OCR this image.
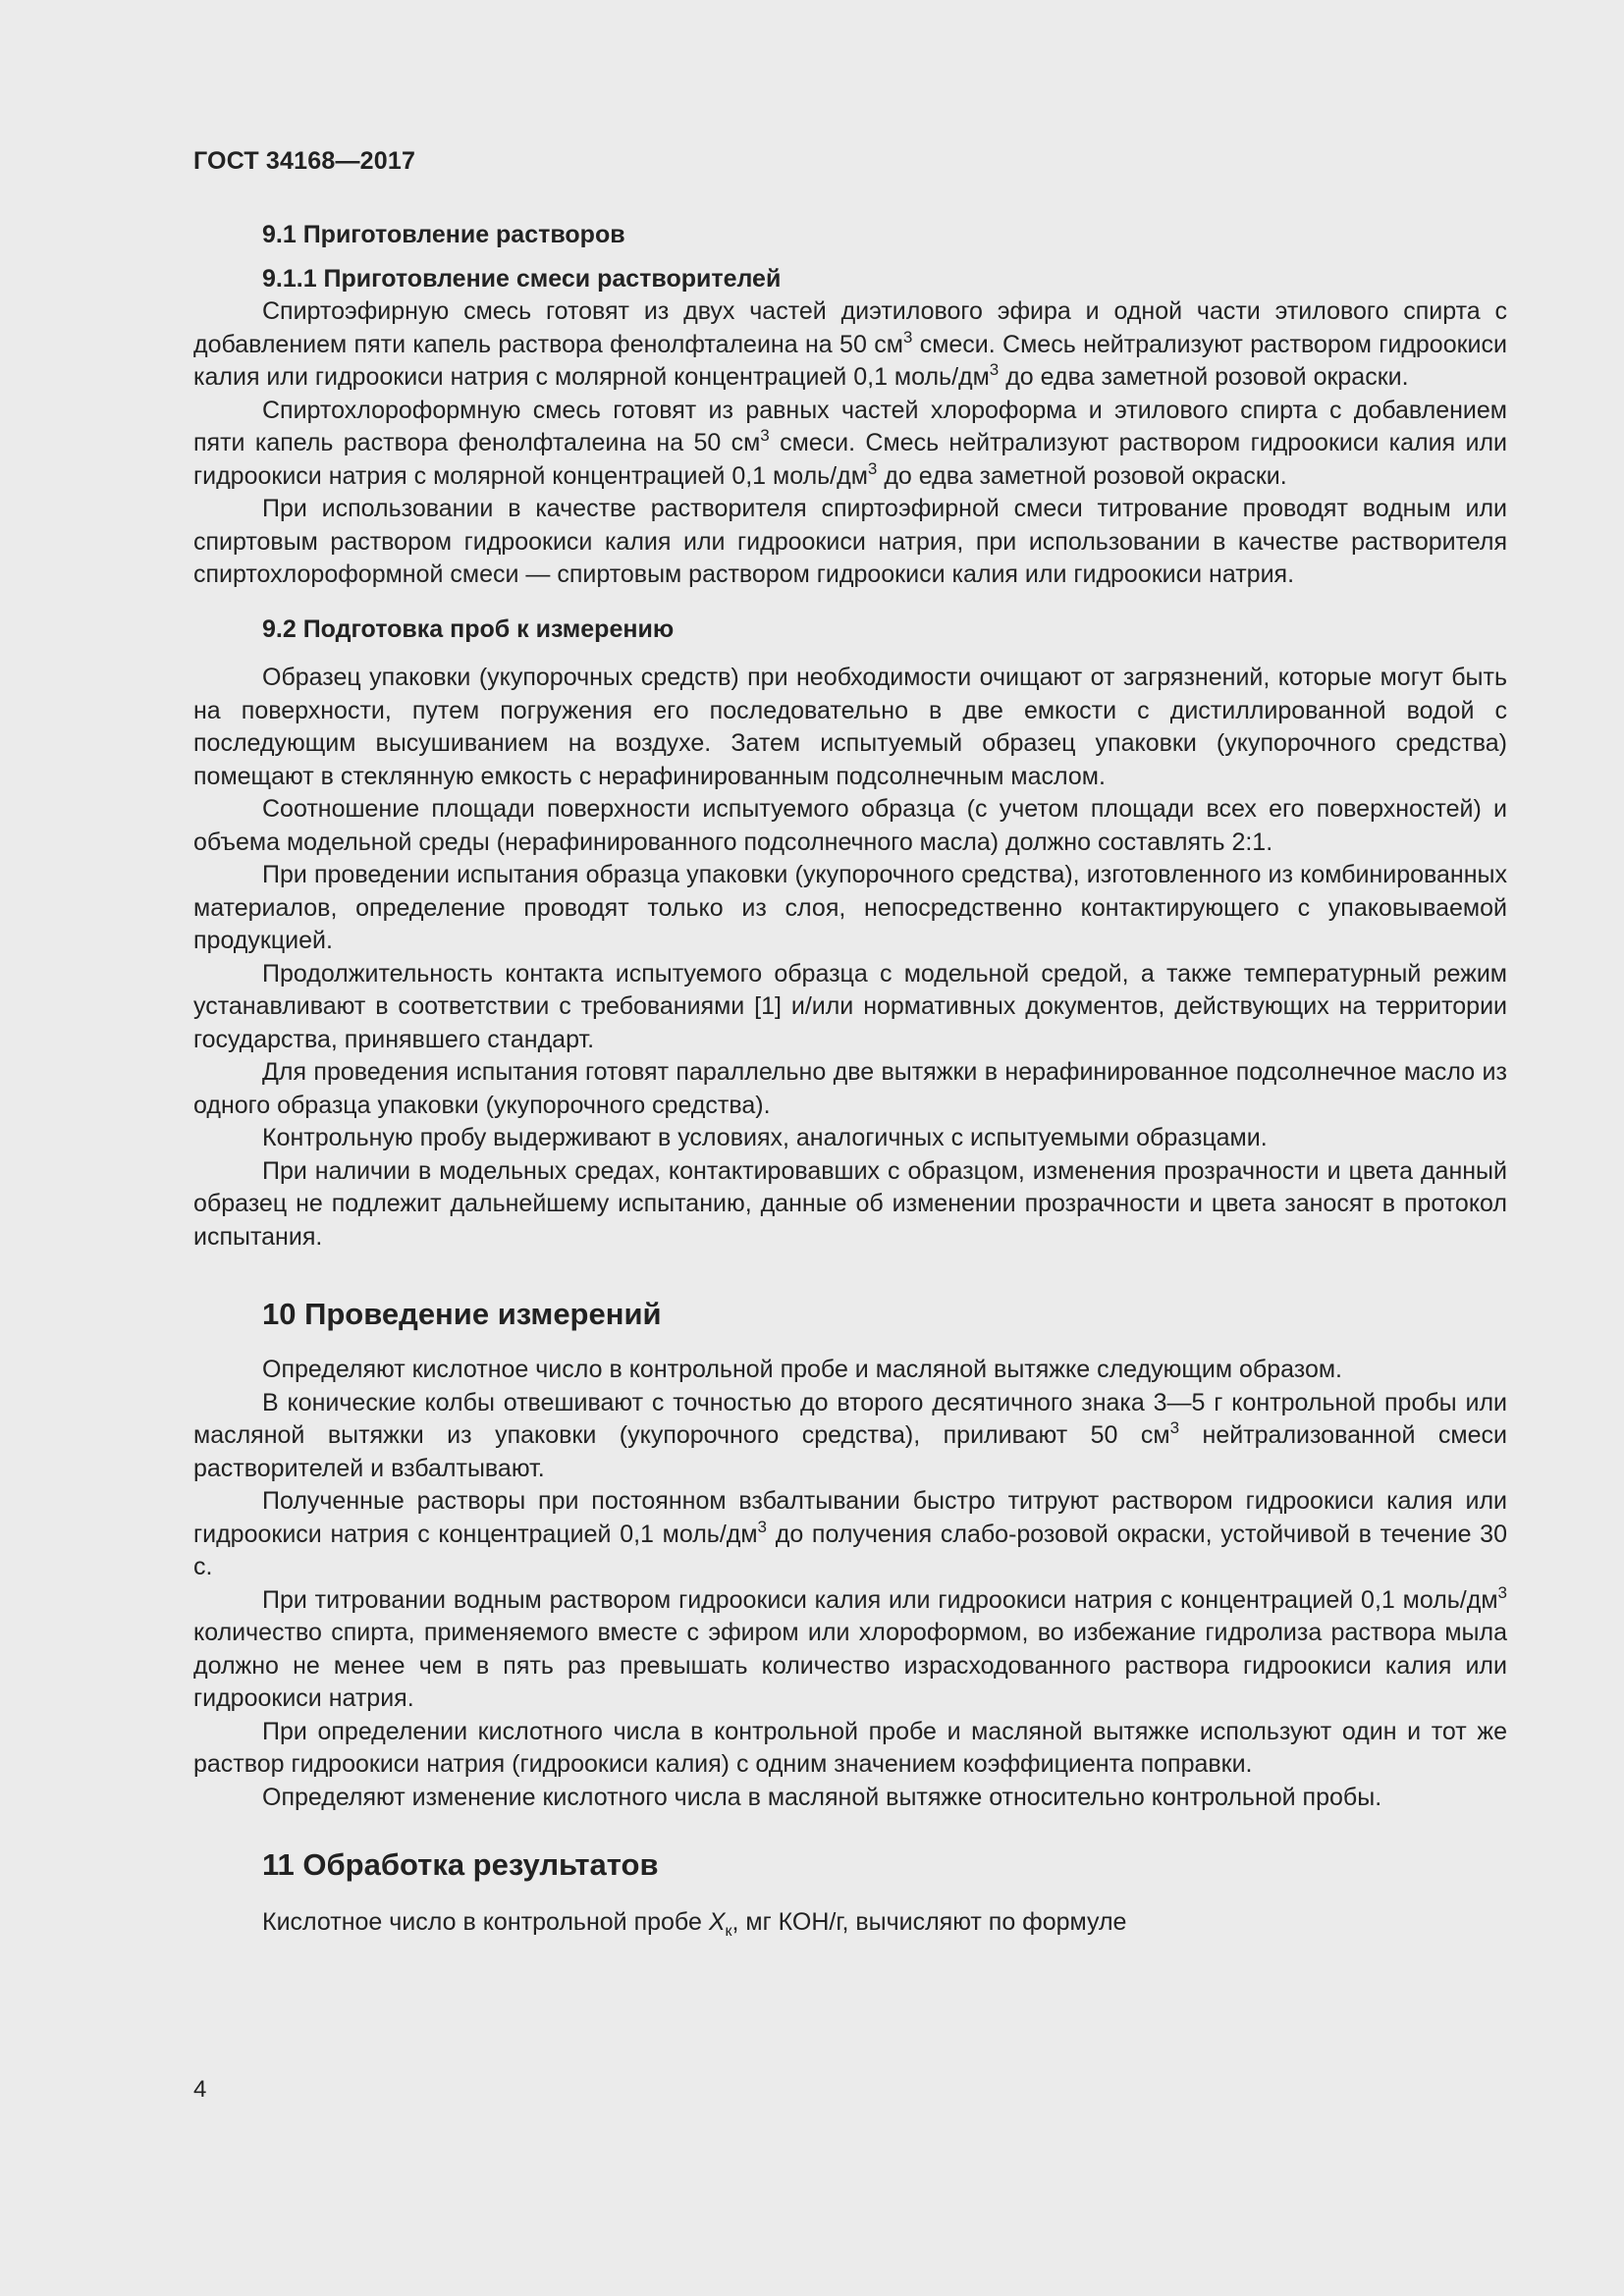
ГОСТ 34168—2017
9.1 Приготовление растворов
9.1.1 Приготовление смеси растворителей

Спиртоэфирную смесь готовят из двух частей диэтилового эфира и одной части этилового спирта с добавлением пяти капель раствора фенолфталеина на 50 $см^3$ смеси. Смесь нейтрализуют раствором гидроокиси калия или гидроокиси натрия с молярной концентрацией 0,1 моль/$дм^3$ до едва заметной розовой окраски.

Спиртохлороформную смесь готовят из равных частей хлороформа и этилового спирта с добавлением пяти капель раствора фенолфталеина на 50 $см^3$ смеси. Смесь нейтрализуют раствором гидроокиси калия или гидроокиси натрия с молярной концентрацией 0,1 моль/$дм^3$ до едва заметной розовой окраски.

При использовании в качестве растворителя спиртоэфирной смеси титрование проводят водным или спиртовым раствором гидроокиси калия или гидроокиси натрия, при использовании в качестве растворителя спиртохлороформной смеси — спиртовым раствором гидроокиси калия или гидроокиси натрия.

9.2 Подготовка проб к измерению

Образец упаковки (укупорочных средств) при необходимости очищают от загрязнений, которые могут быть на поверхности, путем погружения его последовательно в две емкости с дистиллированной водой с последующим высушиванием на воздухе. Затем испытуемый образец упаковки (укупорочного средства) помещают в стеклянную емкость с нерафинированным подсолнечным маслом.

Соотношение площади поверхности испытуемого образца (с учетом площади всех его поверхностей) и объема модельной среды (нерафинированного подсолнечного масла) должно составлять 2:1.

При проведении испытания образца упаковки (укупорочного средства), изготовленного из комбинированных материалов, определение проводят только из слоя, непосредственно контактирующего с упаковываемой продукцией.

Продолжительность контакта испытуемого образца с модельной средой, а также температурный режим устанавливают в соответствии с требованиями [1] и/или нормативных документов, действующих на территории государства, принявшего стандарт.

Для проведения испытания готовят параллельно две вытяжки в нерафинированное подсолнечное масло из одного образца упаковки (укупорочного средства).

Контрольную пробу выдерживают в условиях, аналогичных с испытуемыми образцами.

При наличии в модельных средах, контактировавших с образцом, изменения прозрачности и цвета данный образец не подлежит дальнейшему испытанию, данные об изменении прозрачности и цвета заносят в протокол испытания.

10 Проведение измерений

Определяют кислотное число в контрольной пробе и масляной вытяжке следующим образом.

В конические колбы отвешивают с точностью до второго десятичного знака 3—5 г контрольной пробы или масляной вытяжки из упаковки (укупорочного средства), приливают 50 $см^3$ нейтрализованной смеси растворителей и взбалтывают.

Полученные растворы при постоянном взбалтывании быстро титруют раствором гидроокиси калия или гидроокиси натрия с концентрацией 0,1 моль/$дм^3$ до получения слабо-розовой окраски, устойчивой в течение 30 с.

При титровании водным раствором гидроокиси калия или гидроокиси натрия с концентрацией 0,1 моль/$дм^3$ количество спирта, применяемого вместе с эфиром или хлороформом, во избежание гидролиза раствора мыла должно не менее чем в пять раз превышать количество израсходованного раствора гидроокиси калия или гидроокиси натрия.

При определении кислотного числа в контрольной пробе и масляной вытяжке используют один и тот же раствор гидроокиси натрия (гидроокиси калия) с одним значением коэффициента поправки.

Определяют изменение кислотного числа в масляной вытяжке относительно контрольной пробы.

11 Обработка результатов

Кислотное число в контрольной пробе $X_к$, мг КОН/г, вычисляют по формуле

4
